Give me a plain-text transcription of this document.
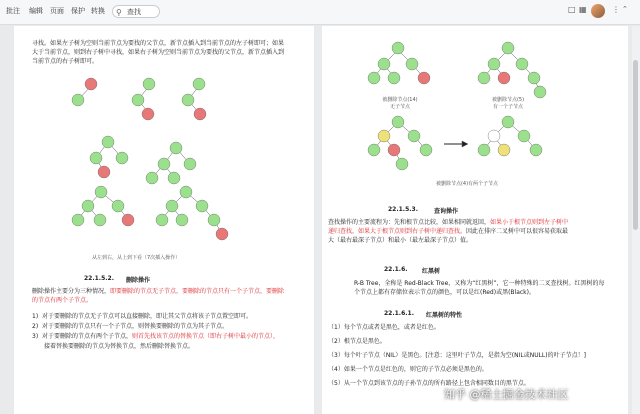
批注 编辑 页面 保护 转换 ⚲ 查找	□ ▦	⋮ ⌃
寻找。如果左子树为空则当前节点为要找的父节点，新节点插入到当前节点的左子树即可；如果
大于当前节点，则到右子树中寻找，如果右子树为空则当前节点为要找的父节点，新节点插入到
当前节点的右子树即可。
从左到右，从上到下看（7次插入操作）
22.1.5.2. 删除操作
删除操作主要分为三种情况，即要删除的节点无子节点，要删除的节点只有一个子节点，要删除
的节点有两个子节点。
1)  对于要删除的节点无子节点可以直接删除，即让其父节点将该子节点置空即可。
2)  对于要删除的节点只有一个子节点，则替换要删除的节点为其子节点。
3)  对于要删除的节点有两个子节点，则首先找该节点的替换节点（即右子树中最小的节点），
接着替换要删除的节点为替换节点，然后删除替换节点。
被删除节点(14)
无子节点
被删除节点(5)
有一个子节点
被删除节点(4)有两个子节点
22.1.5.3.	查询操作
查找操作的主要流程为：先和根节点比较，如果相同就返回，如果小于根节点则到左子树中
递归查找，如果大于根节点则到右子树中递归查找。因此在排序二叉树中可以很容易获取最
大（最右最深子节点）和最小（最左最深子节点）值。
22.1.6. 红黑树
R-B Tree，全称是 Red-Black Tree，又称为“红黑树”，它一种特殊的二叉查找树。红黑树的每
个节点上都有存储位表示节点的颜色，可以是红(Red)或黑(Black)。
22.1.6.1. 红黑树的特性
（1）每个节点或者是黑色，或者是红色。
（2）根节点是黑色。
（3）每个叶子节点（NIL）是黑色。[注意：这里叶子节点，是指为空(NIL或NULL)的叶子节点！]
（4）如果一个节点是红色的，则它的子节点必须是黑色的。
（5）从一个节点到该节点的子孙节点的所有路径上包含相同数目的黑节点。
知乎 @稀土掘金技术社区
